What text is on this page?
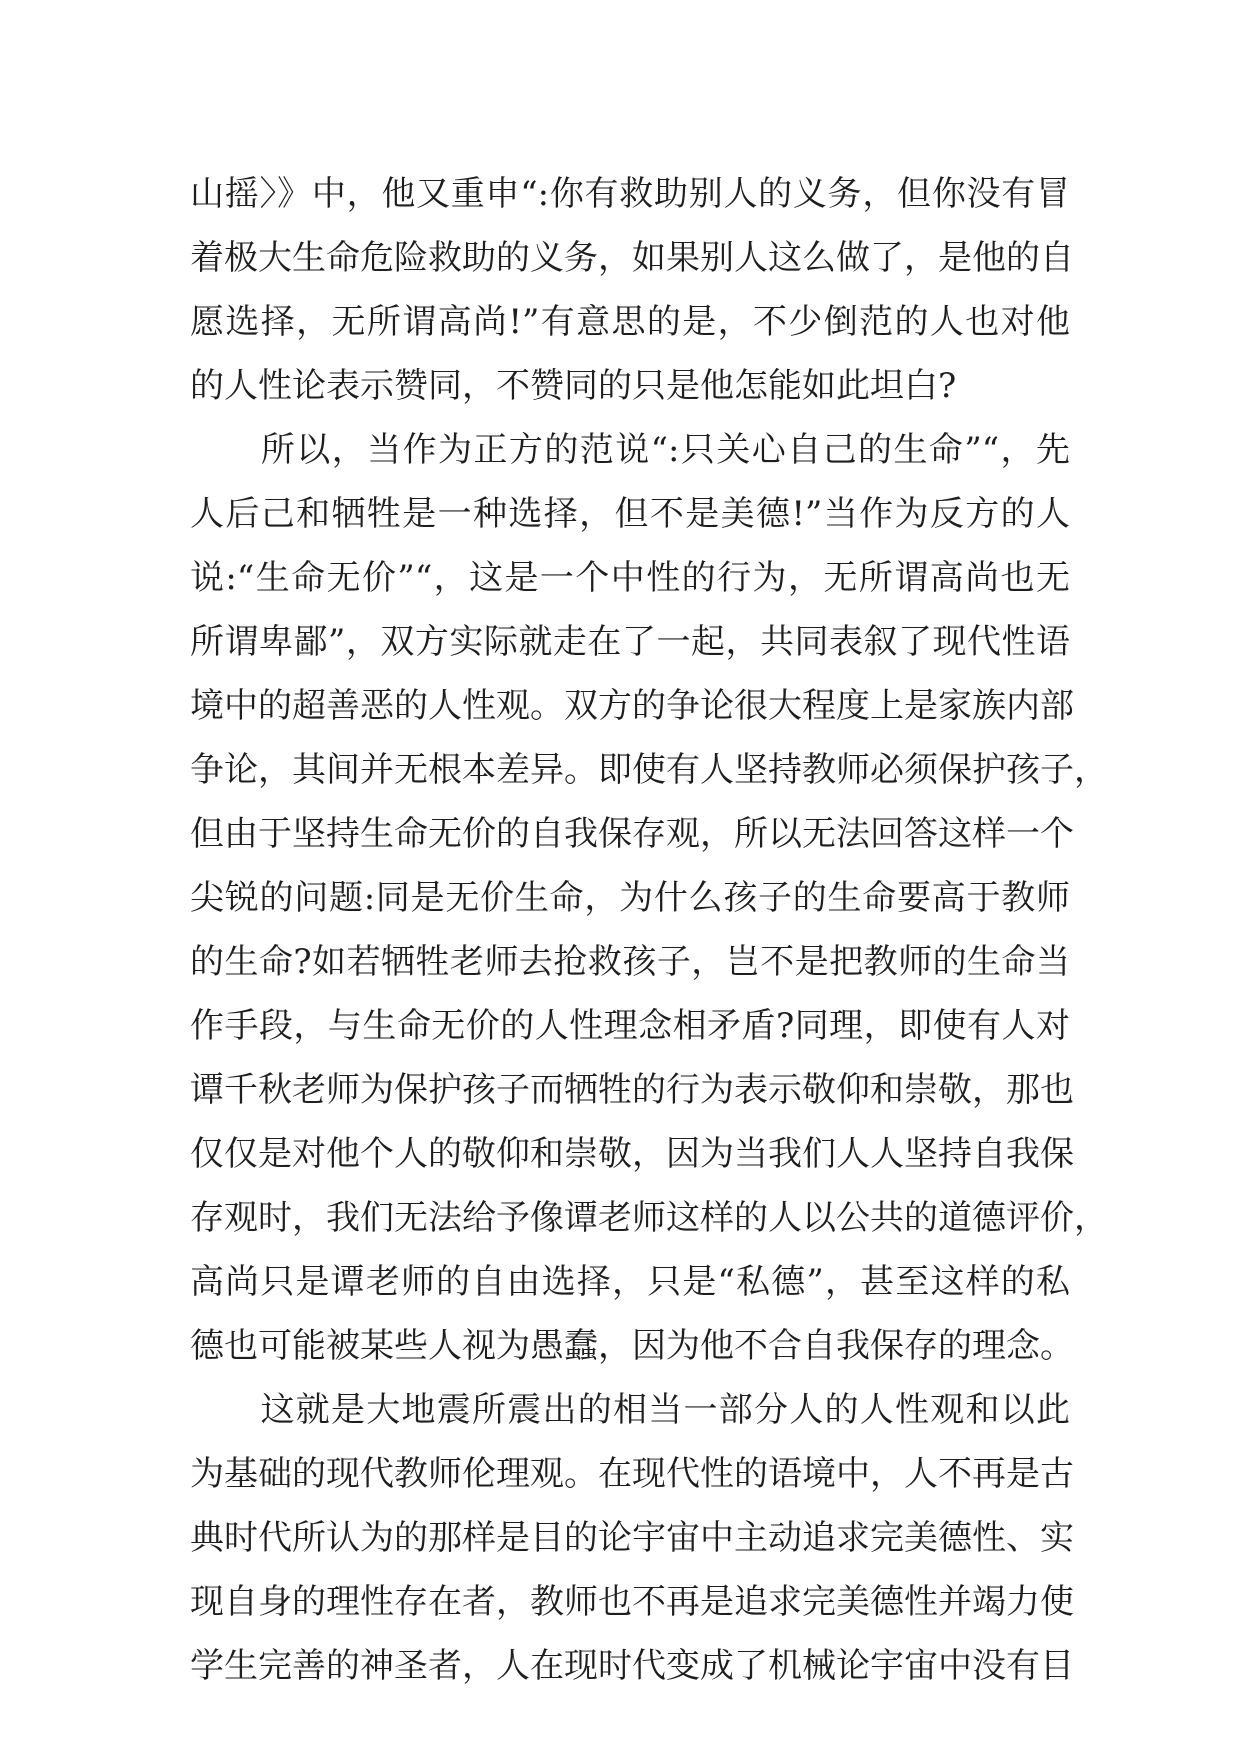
山摇〉》中，他又重申“:你有救助别人的义务，但你没有冒
着极大生命危险救助的义务，如果别人这么做了，是他的自
愿选择，无所谓高尚!”有意思的是，不少倒范的人也对他
的人性论表示赞同，不赞同的只是他怎能如此坦白?
　　所以，当作为正方的范说“:只关心自己的生命”“，先
人后己和牺牲是一种选择，但不是美德!”当作为反方的人
说:“生命无价”“，这是一个中性的行为，无所谓高尚也无
所谓卑鄙”，双方实际就走在了一起，共同表叙了现代性语
境中的超善恶的人性观。双方的争论很大程度上是家族内部
争论，其间并无根本差异。即使有人坚持教师必须保护孩子，
但由于坚持生命无价的自我保存观，所以无法回答这样一个
尖锐的问题:同是无价生命，为什么孩子的生命要高于教师
的生命?如若牺牲老师去抢救孩子，岂不是把教师的生命当
作手段，与生命无价的人性理念相矛盾?同理，即使有人对
谭千秋老师为保护孩子而牺牲的行为表示敬仰和崇敬，那也
仅仅是对他个人的敬仰和崇敬，因为当我们人人坚持自我保
存观时，我们无法给予像谭老师这样的人以公共的道德评价，
高尚只是谭老师的自由选择，只是“私德”，甚至这样的私
德也可能被某些人视为愚蠢，因为他不合自我保存的理念。
　　这就是大地震所震出的相当一部分人的人性观和以此
为基础的现代教师伦理观。在现代性的语境中，人不再是古
典时代所认为的那样是目的论宇宙中主动追求完美德性、实
现自身的理性存在者，教师也不再是追求完美德性并竭力使
学生完善的神圣者，人在现时代变成了机械论宇宙中没有目
